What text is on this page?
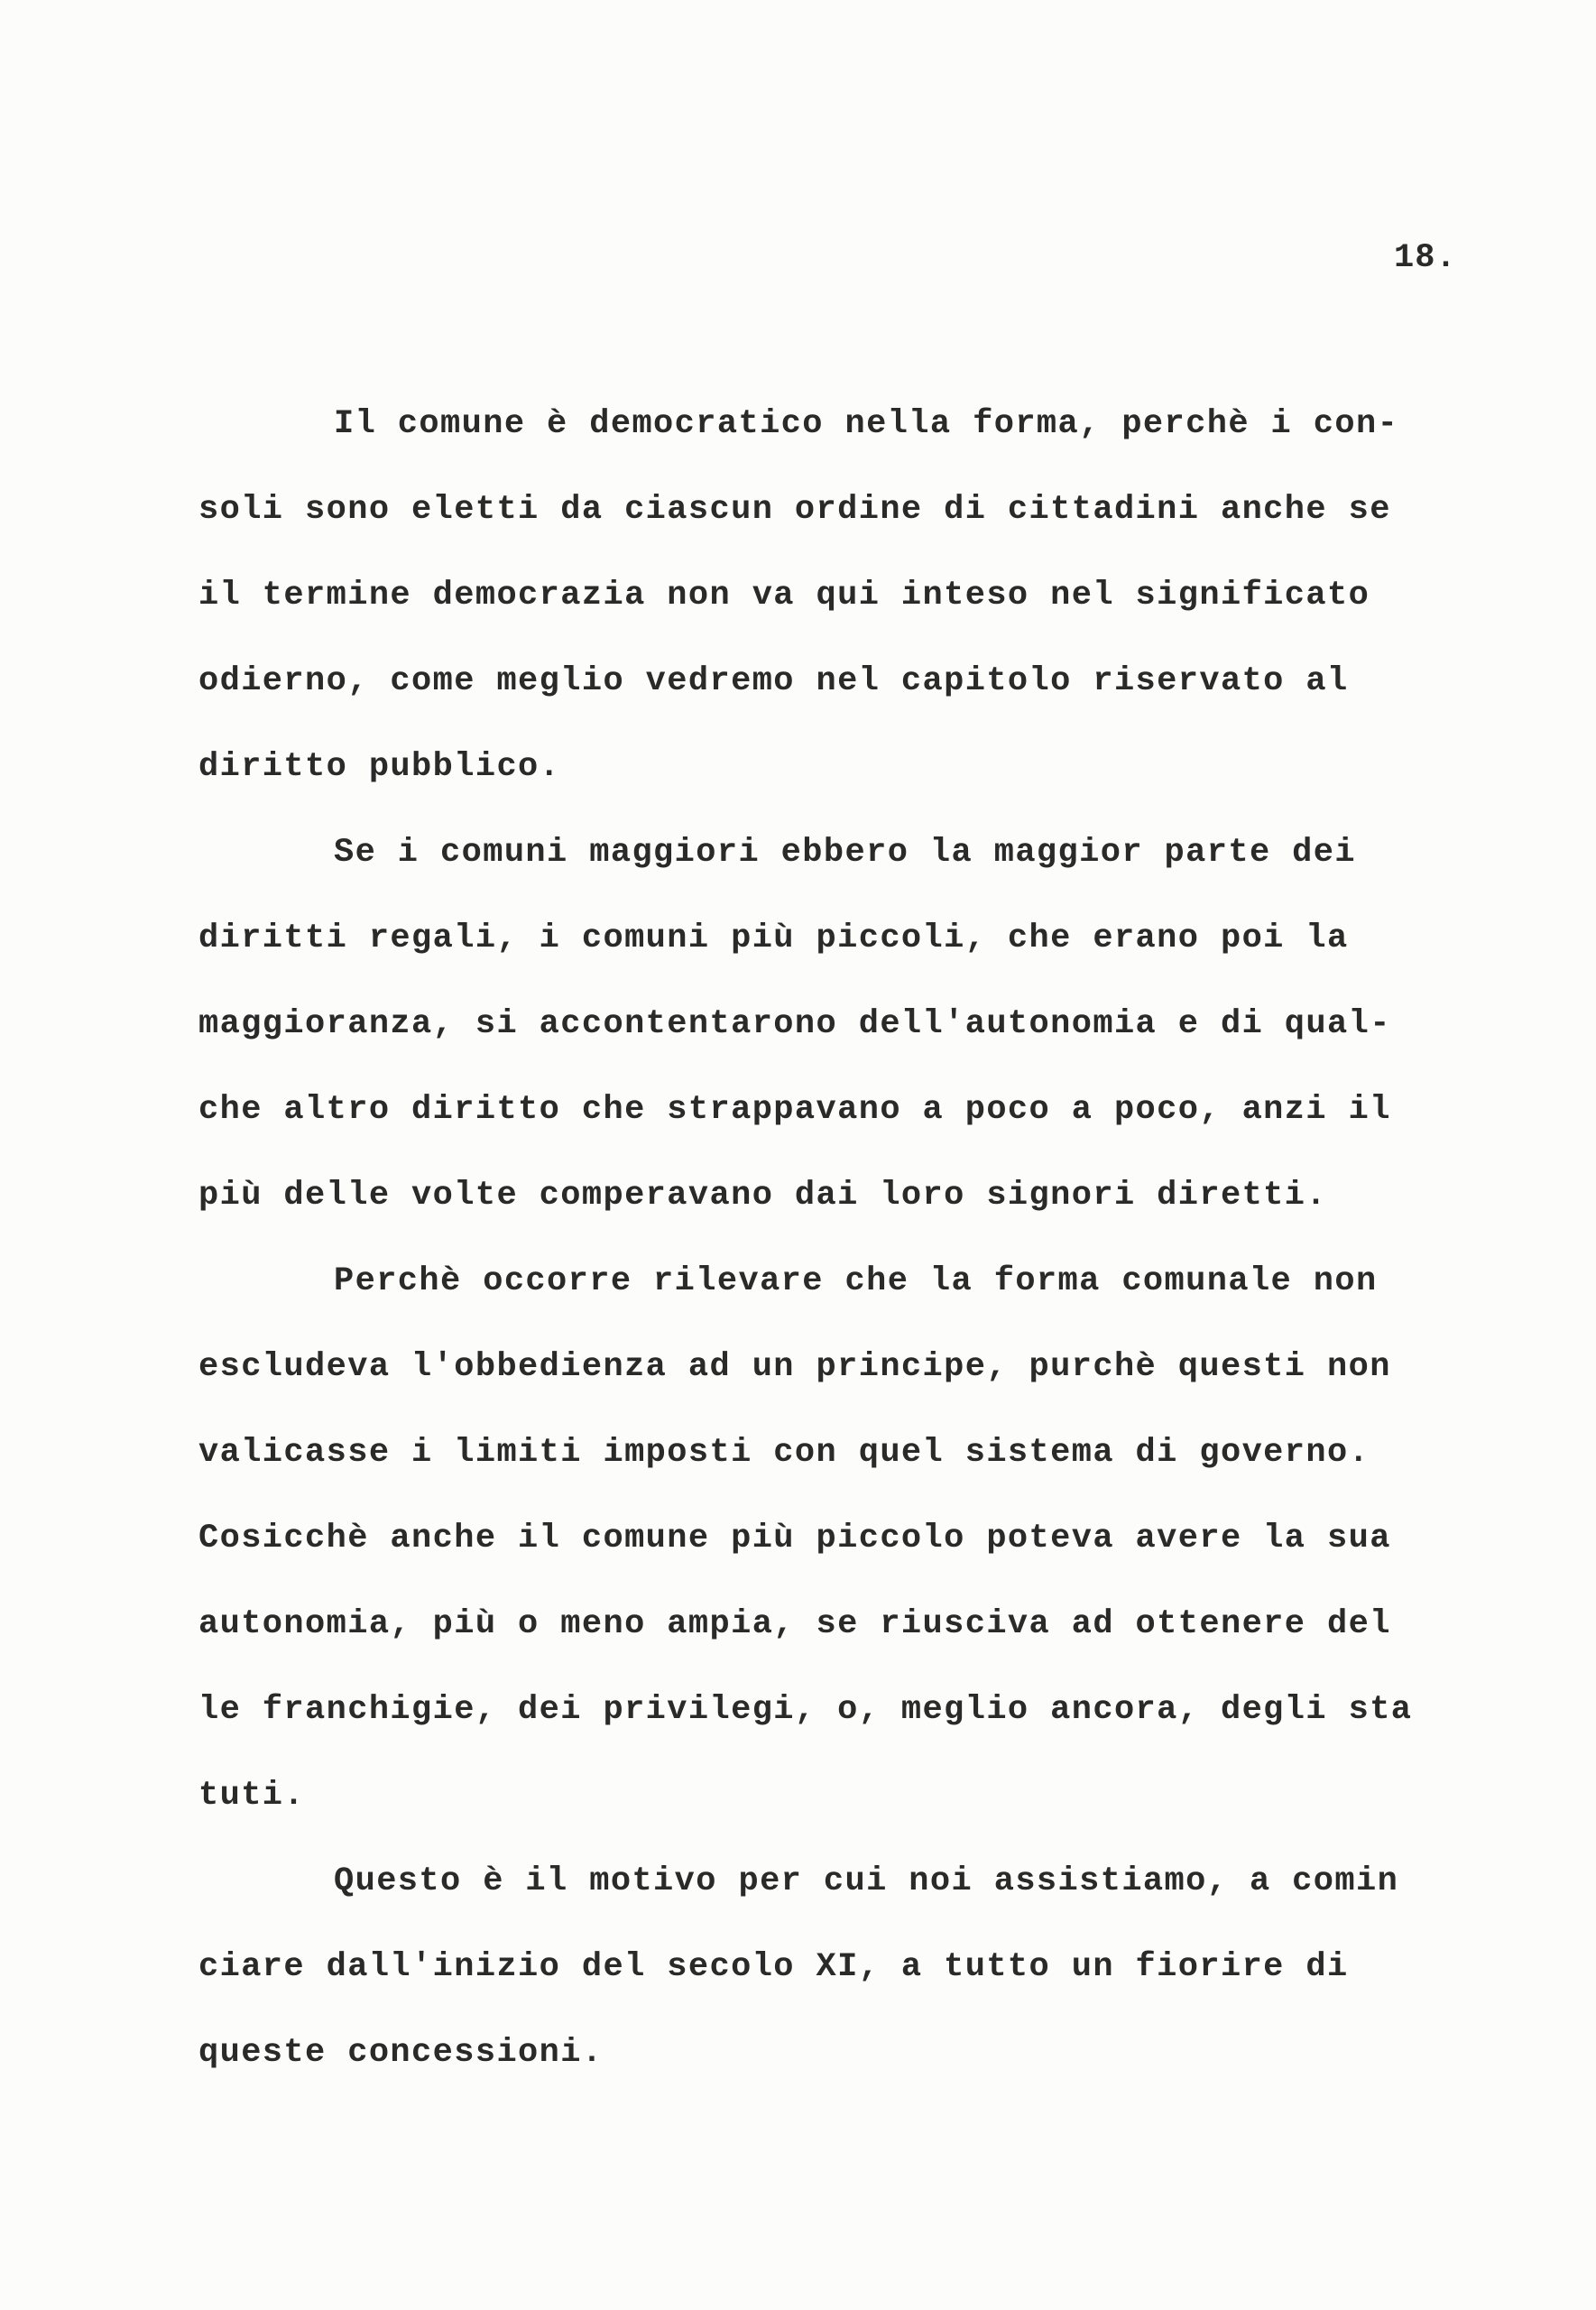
18.
Il comune è democratico nella forma, perchè i con-
soli sono eletti da ciascun ordine di cittadini anche se
il termine democrazia non va qui inteso nel significato
odierno, come meglio vedremo nel capitolo riservato al
diritto pubblico.
Se i comuni maggiori ebbero la maggior parte dei
diritti regali, i comuni più piccoli, che erano poi la
maggioranza, si accontentarono dell'autonomia e di qual-
che altro diritto che strappavano a poco a poco, anzi il
più delle volte comperavano dai loro signori diretti.
Perchè occorre rilevare che la forma comunale non
escludeva l'obbedienza ad un principe, purchè questi non
valicasse i limiti imposti con quel sistema di governo.
Cosicchè anche il comune più piccolo poteva avere la sua
autonomia, più o meno ampia, se riusciva ad ottenere del
le franchigie, dei privilegi, o, meglio ancora, degli sta
tuti.
Questo è il motivo per cui noi assistiamo, a comin
ciare dall'inizio del secolo XI, a tutto un fiorire di
queste concessioni.
